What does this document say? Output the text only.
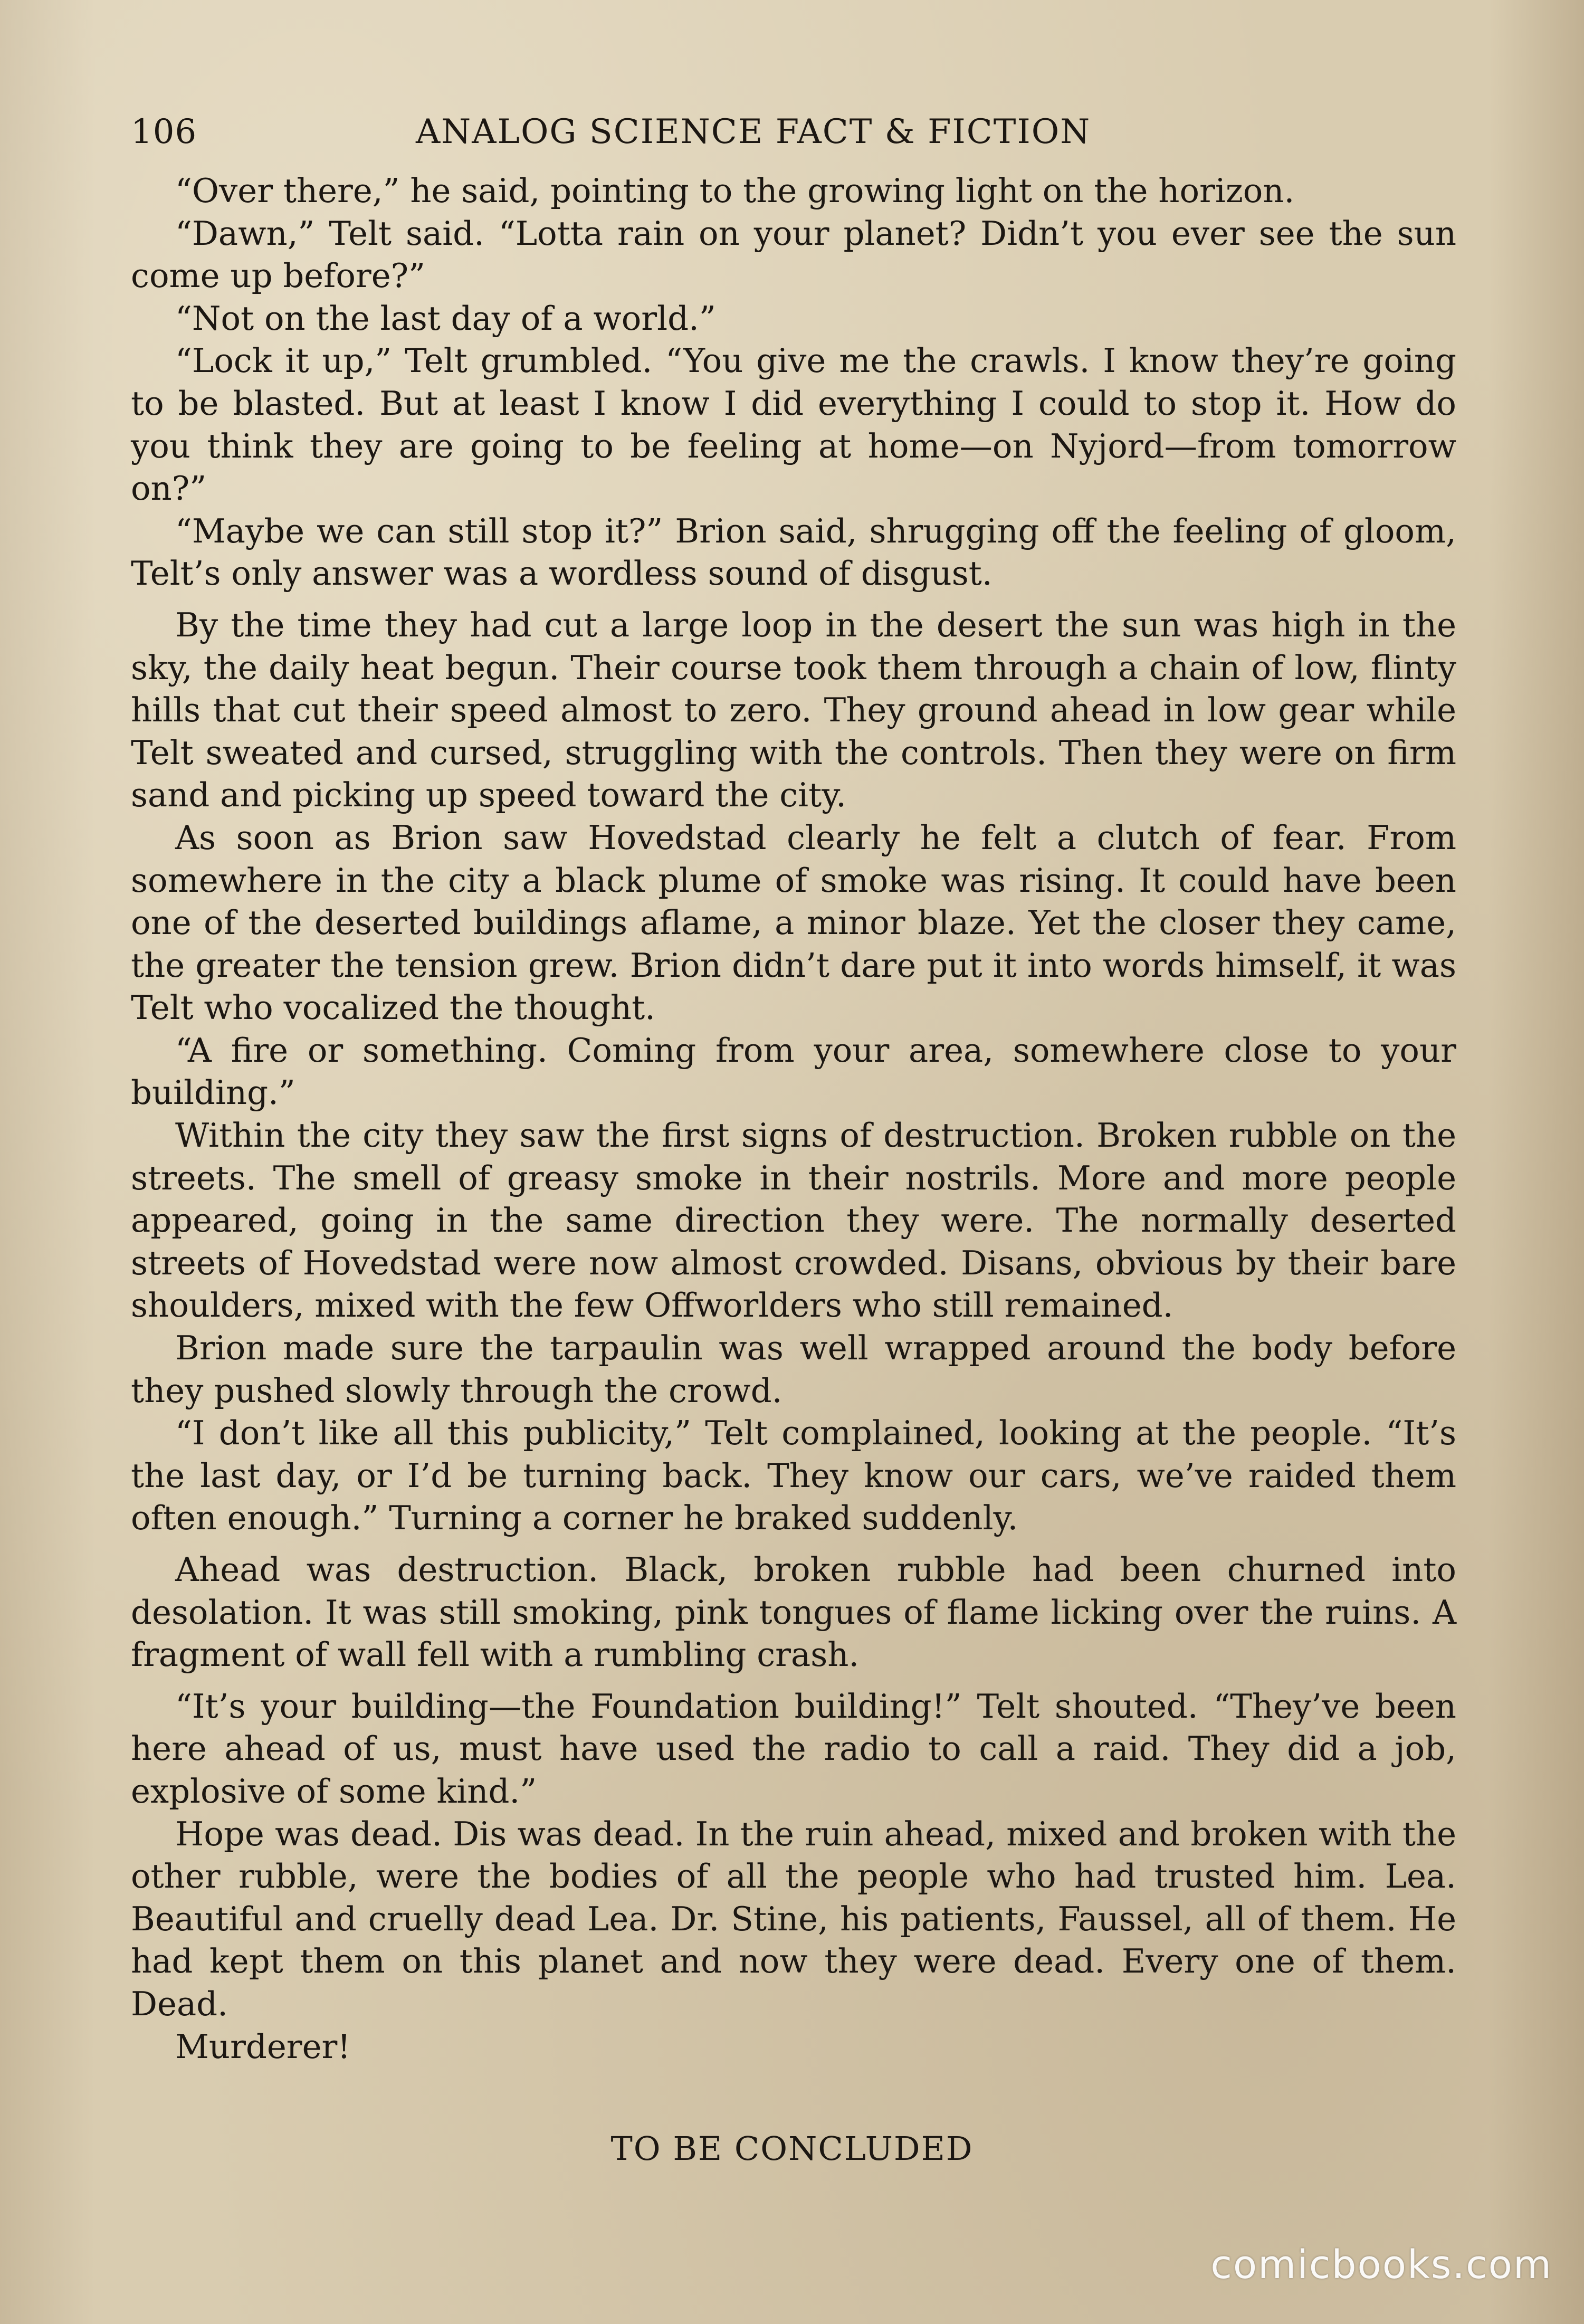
106	ANALOG SCIENCE FACT & FICTION

“Over there,” he said, pointing to the growing light on the horizon.

“Dawn,” Telt said. “Lotta rain on your planet? Didn’t you ever see the sun come up before?”

“Not on the last day of a world.”

“Lock it up,” Telt grumbled. “You give me the crawls. I know they’re going to be blasted. But at least I know I did everything I could to stop it. How do you think they are going to be feeling at home—on Nyjord—from tomorrow on?”

“Maybe we can still stop it?” Brion said, shrugging off the feeling of gloom, Telt’s only answer was a wordless sound of disgust.

By the time they had cut a large loop in the desert the sun was high in the sky, the daily heat begun. Their course took them through a chain of low, flinty hills that cut their speed almost to zero. They ground ahead in low gear while Telt sweated and cursed, struggling with the controls. Then they were on firm sand and picking up speed toward the city.

As soon as Brion saw Hovedstad clearly he felt a clutch of fear. From somewhere in the city a black plume of smoke was rising. It could have been one of the deserted buildings aflame, a minor blaze. Yet the closer they came, the greater the tension grew. Brion didn’t dare put it into words himself, it was Telt who vocalized the thought.

“A fire or something. Coming from your area, somewhere close to your building.”

Within the city they saw the first signs of destruction. Broken rubble on the streets. The smell of greasy smoke in their nostrils. More and more people appeared, going in the same direction they were. The normally deserted streets of Hovedstad were now almost crowded. Disans, obvious by their bare shoulders, mixed with the few Offworlders who still remained.

Brion made sure the tarpaulin was well wrapped around the body before they pushed slowly through the crowd.

“I don’t like all this publicity,” Telt complained, looking at the people. “It’s the last day, or I’d be turning back. They know our cars, we’ve raided them often enough.” Turning a corner he braked suddenly.

Ahead was destruction. Black, broken rubble had been churned into desolation. It was still smoking, pink tongues of flame licking over the ruins. A fragment of wall fell with a rumbling crash.

“It’s your building—the Foundation building!” Telt shouted. “They’ve been here ahead of us, must have used the radio to call a raid. They did a job, explosive of some kind.”

Hope was dead. Dis was dead. In the ruin ahead, mixed and broken with the other rubble, were the bodies of all the people who had trusted him. Lea. Beautiful and cruelly dead Lea. Dr. Stine, his patients, Faussel, all of them. He had kept them on this planet and now they were dead. Every one of them. Dead.

Murderer!

TO BE CONCLUDED
comicbooks.com
